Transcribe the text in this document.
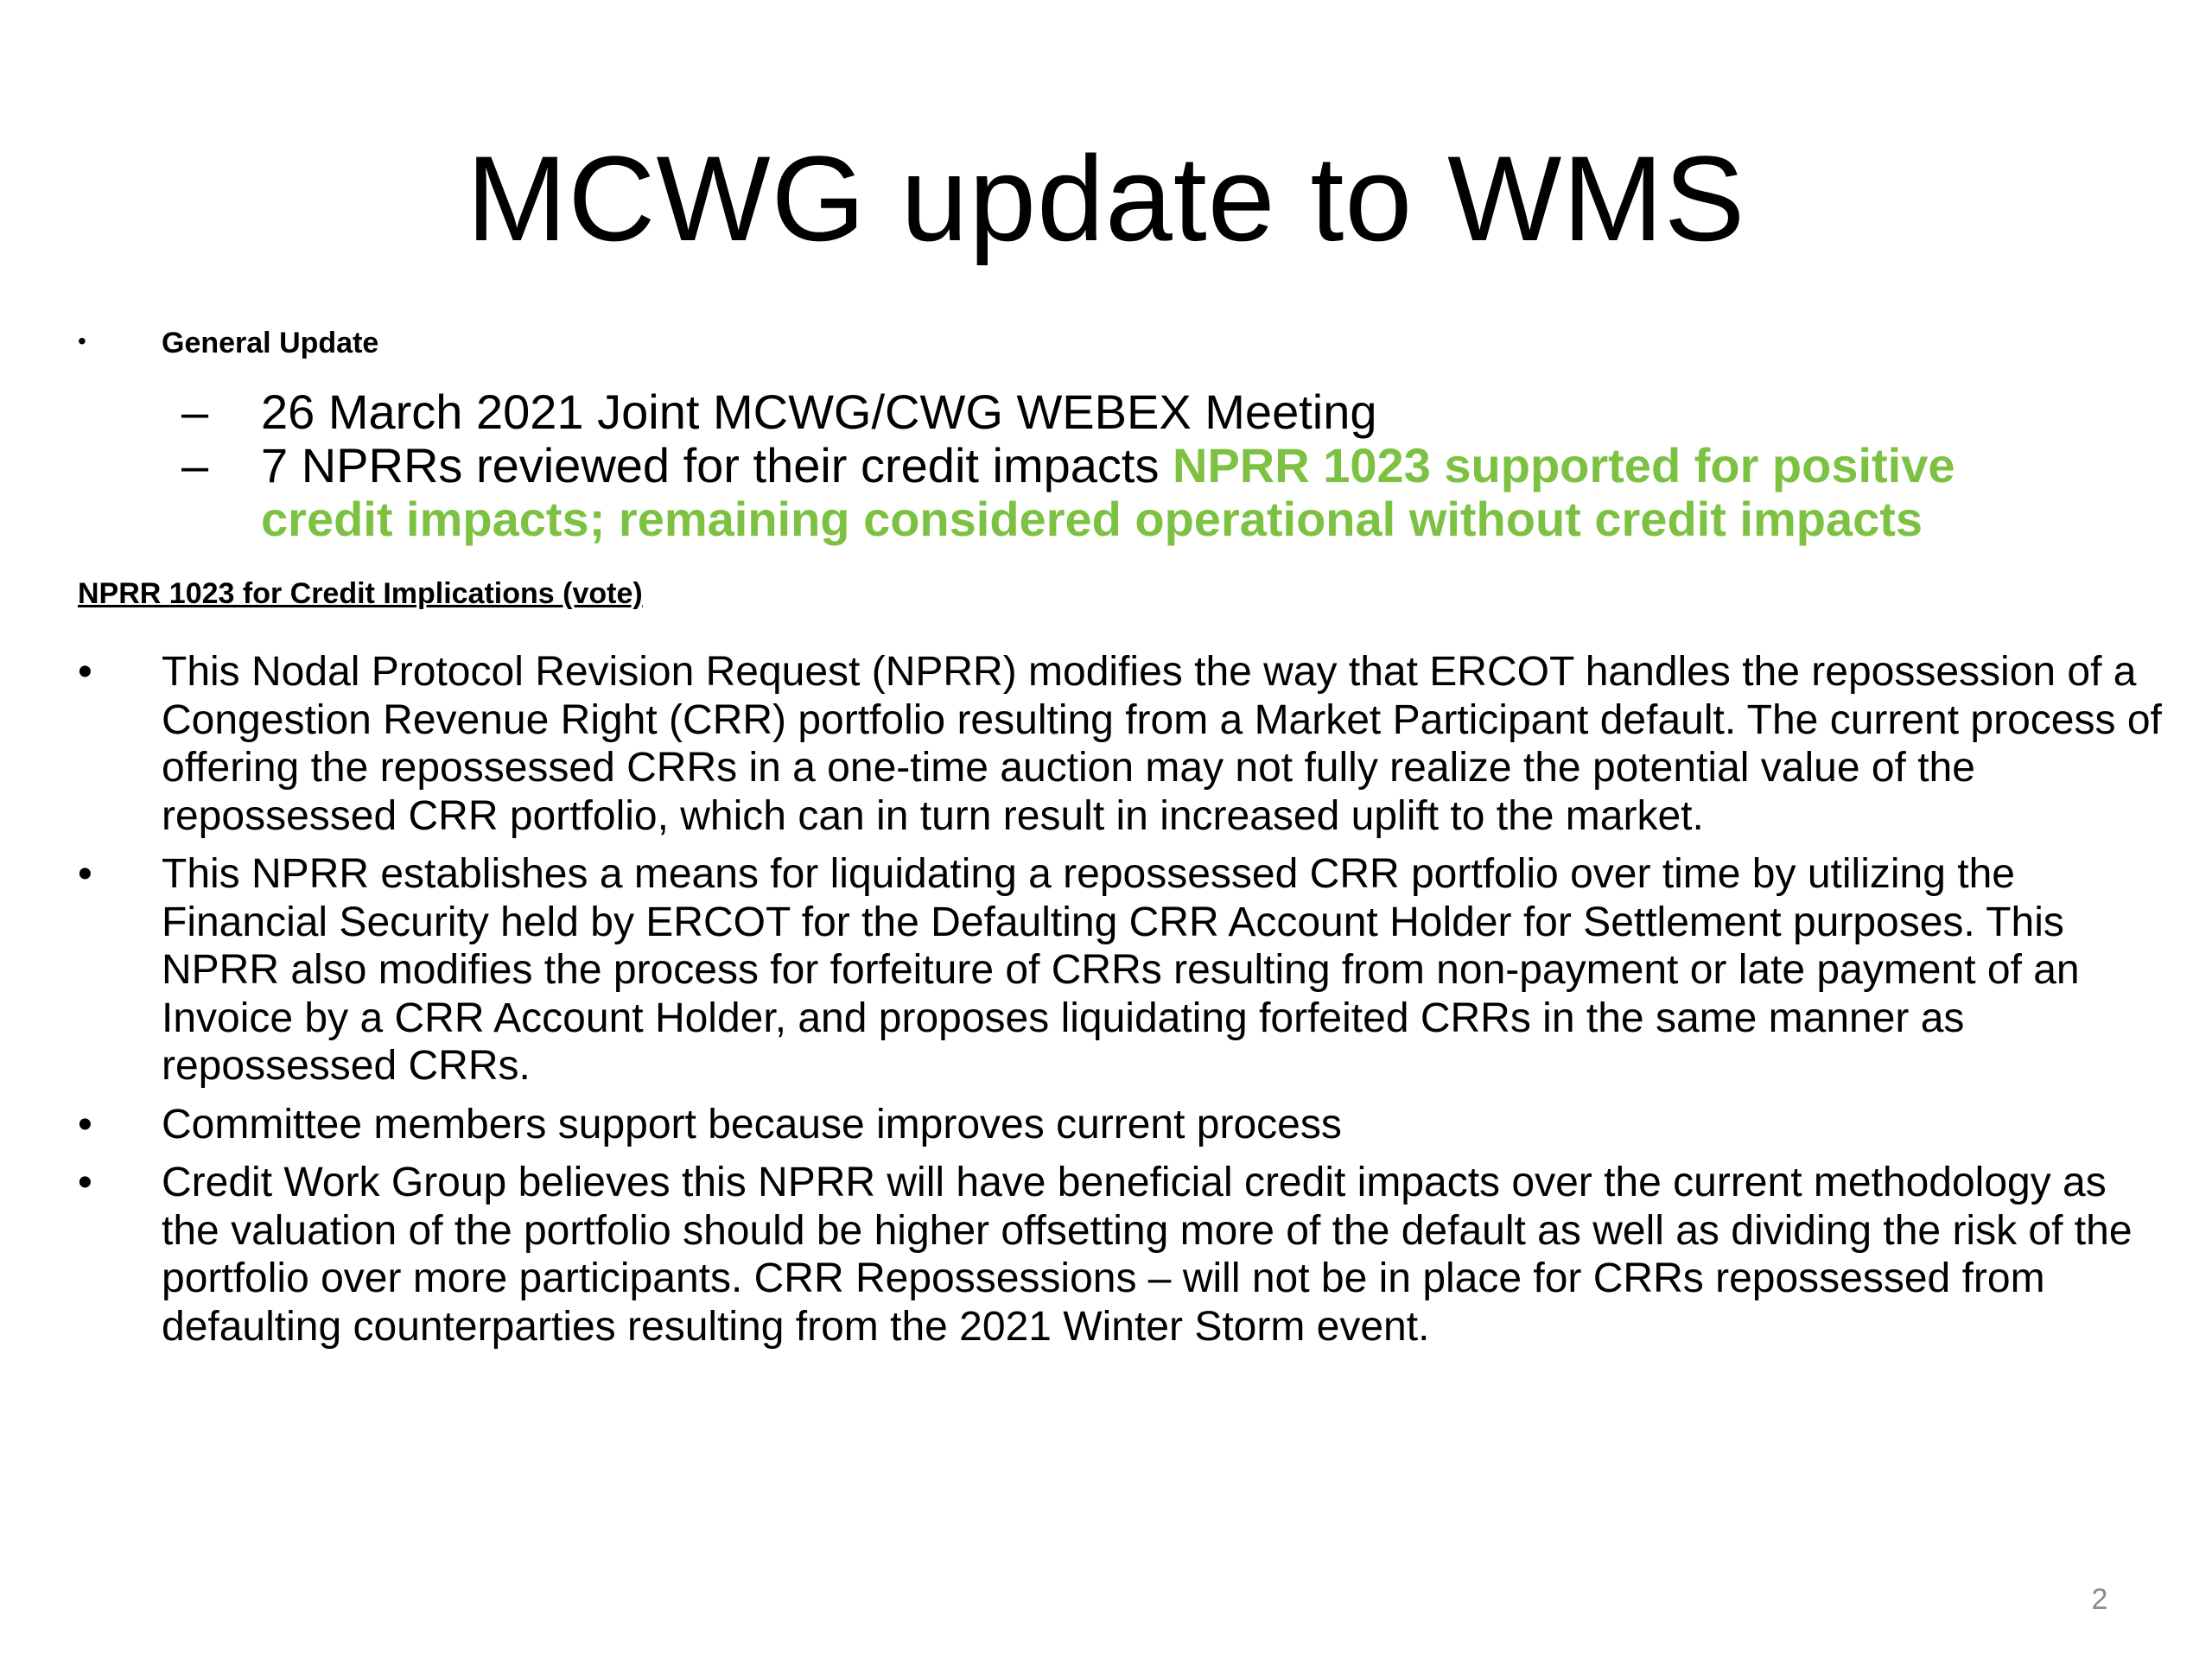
MCWG update to WMS
•	General Update
– 26 March 2021 Joint MCWG/CWG WEBEX Meeting
– 7 NPRRs reviewed for their credit impacts NPRR 1023 supported for positive credit impacts; remaining considered operational without credit impacts
NPRR 1023 for Credit Implications (vote)
• This Nodal Protocol Revision Request (NPRR) modifies the way that ERCOT handles the repossession of a Congestion Revenue Right (CRR) portfolio resulting from a Market Participant default. The current process of offering the repossessed CRRs in a one-time auction may not fully realize the potential value of the repossessed CRR portfolio, which can in turn result in increased uplift to the market.
• This NPRR establishes a means for liquidating a repossessed CRR portfolio over time by utilizing the Financial Security held by ERCOT for the Defaulting CRR Account Holder for Settlement purposes. This NPRR also modifies the process for forfeiture of CRRs resulting from non-payment or late payment of an Invoice by a CRR Account Holder, and proposes liquidating forfeited CRRs in the same manner as repossessed CRRs.
• Committee members support because improves current process
• Credit Work Group believes this NPRR will have beneficial credit impacts over the current methodology as the valuation of the portfolio should be higher offsetting more of the default as well as dividing the risk of the portfolio over more participants. CRR Repossessions – will not be in place for CRRs repossessed from defaulting counterparties resulting from the 2021 Winter Storm event.
2
